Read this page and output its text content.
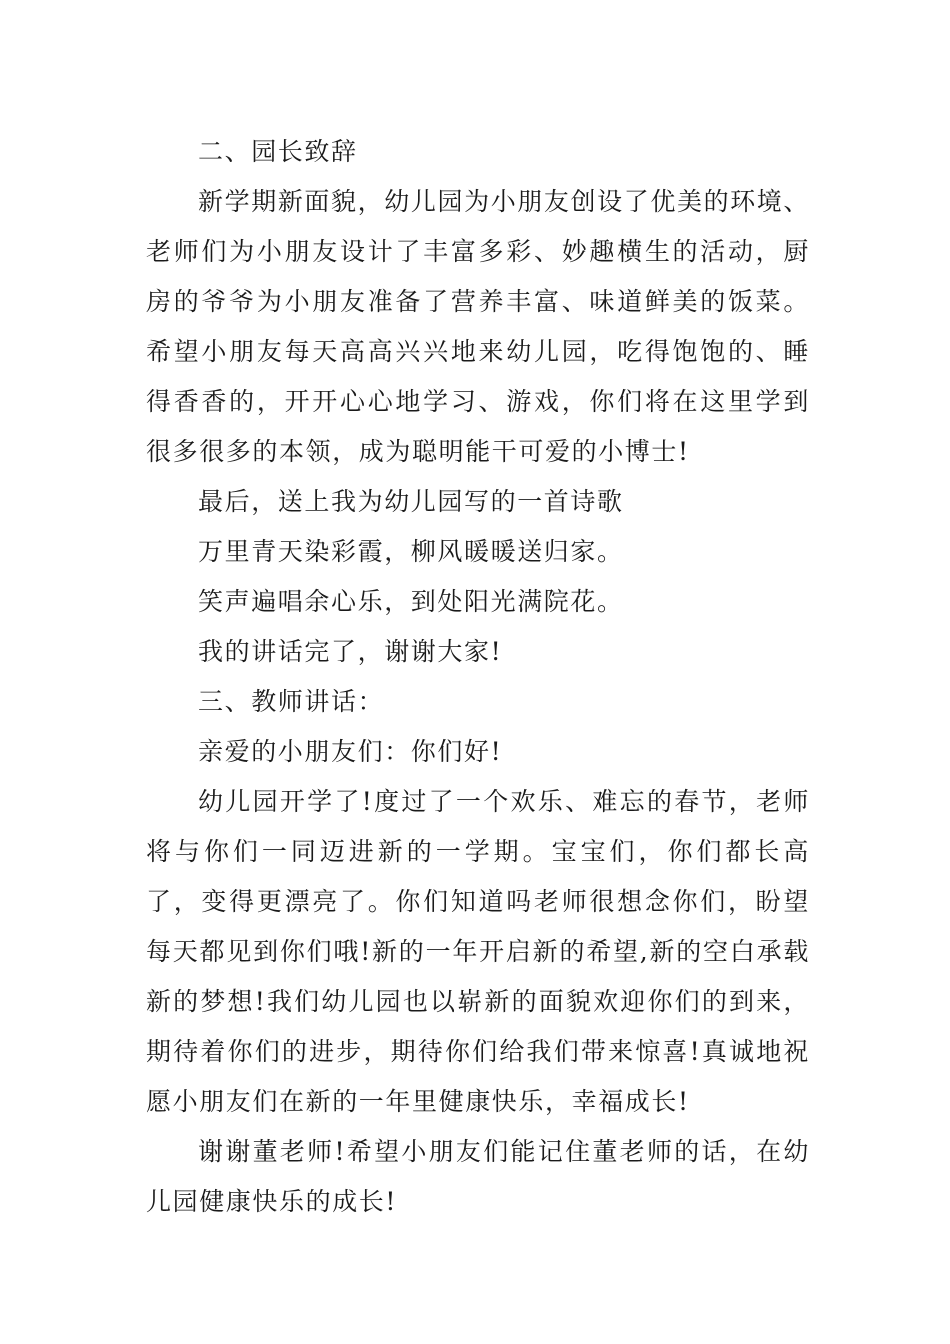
二、园长致辞

新学期新面貌，幼儿园为小朋友创设了优美的环境、老师们为小朋友设计了丰富多彩、妙趣横生的活动，厨房的爷爷为小朋友准备了营养丰富、味道鲜美的饭菜。希望小朋友每天高高兴兴地来幼儿园，吃得饱饱的、睡得香香的，开开心心地学习、游戏，你们将在这里学到很多很多的本领，成为聪明能干可爱的小博士!

最后，送上我为幼儿园写的一首诗歌

万里青天染彩霞，柳风暖暖送归家。

笑声遍唱余心乐，到处阳光满院花。

我的讲话完了，谢谢大家!

三、教师讲话：

亲爱的小朋友们：你们好!

幼儿园开学了!度过了一个欢乐、难忘的春节，老师将与你们一同迈进新的一学期。宝宝们，你们都长高了，变得更漂亮了。你们知道吗老师很想念你们，盼望每天都见到你们哦!新的一年开启新的希望,新的空白承载新的梦想!我们幼儿园也以崭新的面貌欢迎你们的到来，期待着你们的进步，期待你们给我们带来惊喜!真诚地祝愿小朋友们在新的一年里健康快乐，幸福成长!

谢谢董老师!希望小朋友们能记住董老师的话，在幼儿园健康快乐的成长!
